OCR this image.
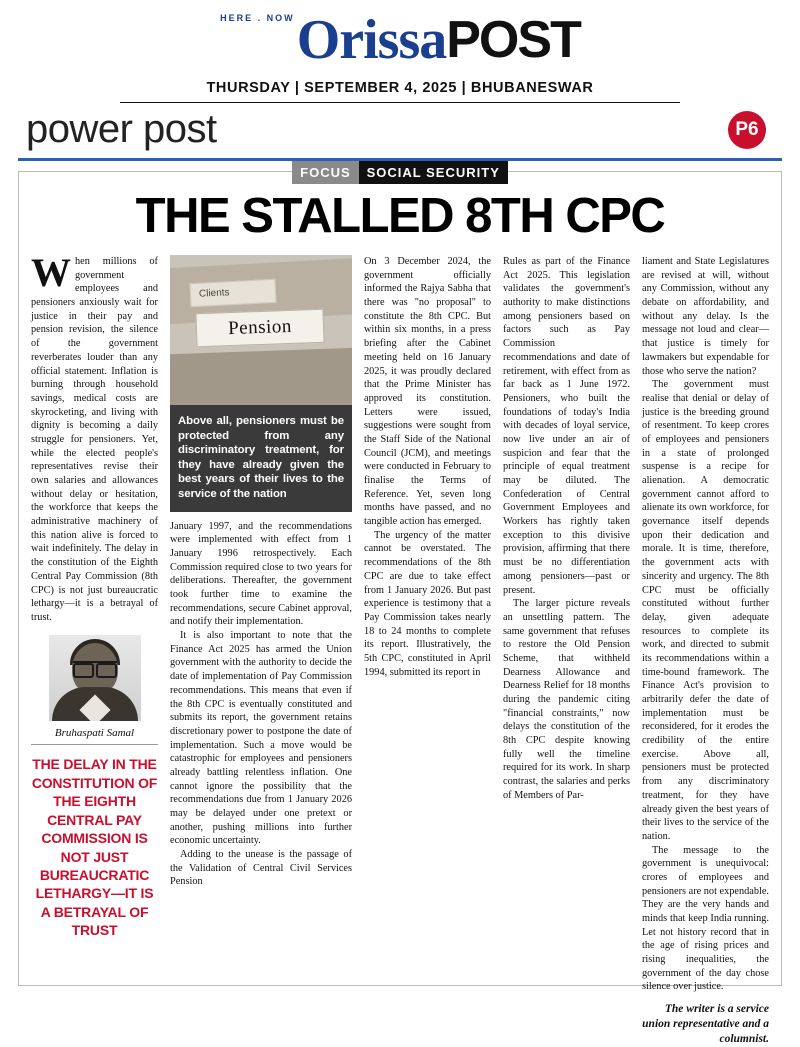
HERE . NOW Orissa POST
THURSDAY | SEPTEMBER 4, 2025 | BHUBANESWAR
power post	P6
FOCUS	SOCIAL SECURITY
THE STALLED 8TH CPC

When millions of government employees and pensioners anxiously wait for justice in their pay and pension revision, the silence of the government reverberates louder than any official statement. Inflation is burning through household savings, medical costs are skyrocketing, and living with dignity is becoming a daily struggle for pensioners. Yet, while the elected people's representatives revise their own salaries and allowances without delay or hesitation, the workforce that keeps the administrative machinery of this nation alive is forced to wait indefinitely. The delay in the constitution of the Eighth Central Pay Commission (8th CPC) is not just bureaucratic lethargy—it is a betrayal of trust.

Bruhaspati Samal
THE DELAY IN THE CONSTITUTION OF THE EIGHTH CENTRAL PAY COMMISSION IS NOT JUST BUREAUCRATIC LETHARGY—IT IS A BETRAYAL OF TRUST
Clients
Pension
Above all, pensioners must be protected from any discriminatory treatment, for they have already given the best years of their lives to the service of the nation

January 1997, and the recommendations were implemented with effect from 1 January 1996 retrospectively. Each Commission required close to two years for deliberations. Thereafter, the government took further time to examine the recommendations, secure Cabinet approval, and notify their implementation.

It is also important to note that the Finance Act 2025 has armed the Union government with the authority to decide the date of implementation of Pay Commission recommendations. This means that even if the 8th CPC is eventually constituted and submits its report, the government retains discretionary power to postpone the date of implementation. Such a move would be catastrophic for employees and pensioners already battling relentless inflation. One cannot ignore the possibility that the recommendations due from 1 January 2026 may be delayed under one pretext or another, pushing millions into further economic uncertainty.

Adding to the unease is the passage of the Validation of Central Civil Services Pension

On 3 December 2024, the government officially informed the Rajya Sabha that there was "no proposal" to constitute the 8th CPC. But within six months, in a press briefing after the Cabinet meeting held on 16 January 2025, it was proudly declared that the Prime Minister has approved its constitution. Letters were issued, suggestions were sought from the Staff Side of the National Council (JCM), and meetings were conducted in February to finalise the Terms of Reference. Yet, seven long months have passed, and no tangible action has emerged.

The urgency of the matter cannot be overstated. The recommendations of the 8th CPC are due to take effect from 1 January 2026. But past experience is testimony that a Pay Commission takes nearly 18 to 24 months to complete its report. Illustratively, the 5th CPC, constituted in April 1994, submitted its report in

Rules as part of the Finance Act 2025. This legislation validates the government's authority to make distinctions among pensioners based on factors such as Pay Commission recommendations and date of retirement, with effect from as far back as 1 June 1972. Pensioners, who built the foundations of today's India with decades of loyal service, now live under an air of suspicion and fear that the principle of equal treatment may be diluted. The Confederation of Central Government Employees and Workers has rightly taken exception to this divisive provision, affirming that there must be no differentiation among pensioners—past or present.

The larger picture reveals an unsettling pattern. The same government that refuses to restore the Old Pension Scheme, that withheld Dearness Allowance and Dearness Relief for 18 months during the pandemic citing "financial constraints," now delays the constitution of the 8th CPC despite knowing fully well the timeline required for its work. In sharp contrast, the salaries and perks of Members of Par-

liament and State Legislatures are revised at will, without any Commission, without any debate on affordability, and without any delay. Is the message not loud and clear—that justice is timely for lawmakers but expendable for those who serve the nation?

The government must realise that denial or delay of justice is the breeding ground of resentment. To keep crores of employees and pensioners in a state of prolonged suspense is a recipe for alienation. A democratic government cannot afford to alienate its own workforce, for governance itself depends upon their dedication and morale. It is time, therefore, the government acts with sincerity and urgency. The 8th CPC must be officially constituted without further delay, given adequate resources to complete its work, and directed to submit its recommendations within a time-bound framework. The Finance Act's provision to arbitrarily defer the date of implementation must be reconsidered, for it erodes the credibility of the entire exercise. Above all, pensioners must be protected from any discriminatory treatment, for they have already given the best years of their lives to the service of the nation.

The message to the government is unequivocal: crores of employees and pensioners are not expendable. They are the very hands and minds that keep India running. Let not history record that in the age of rising prices and rising inequalities, the government of the day chose silence over justice.

The writer is a service union representative and a columnist.
